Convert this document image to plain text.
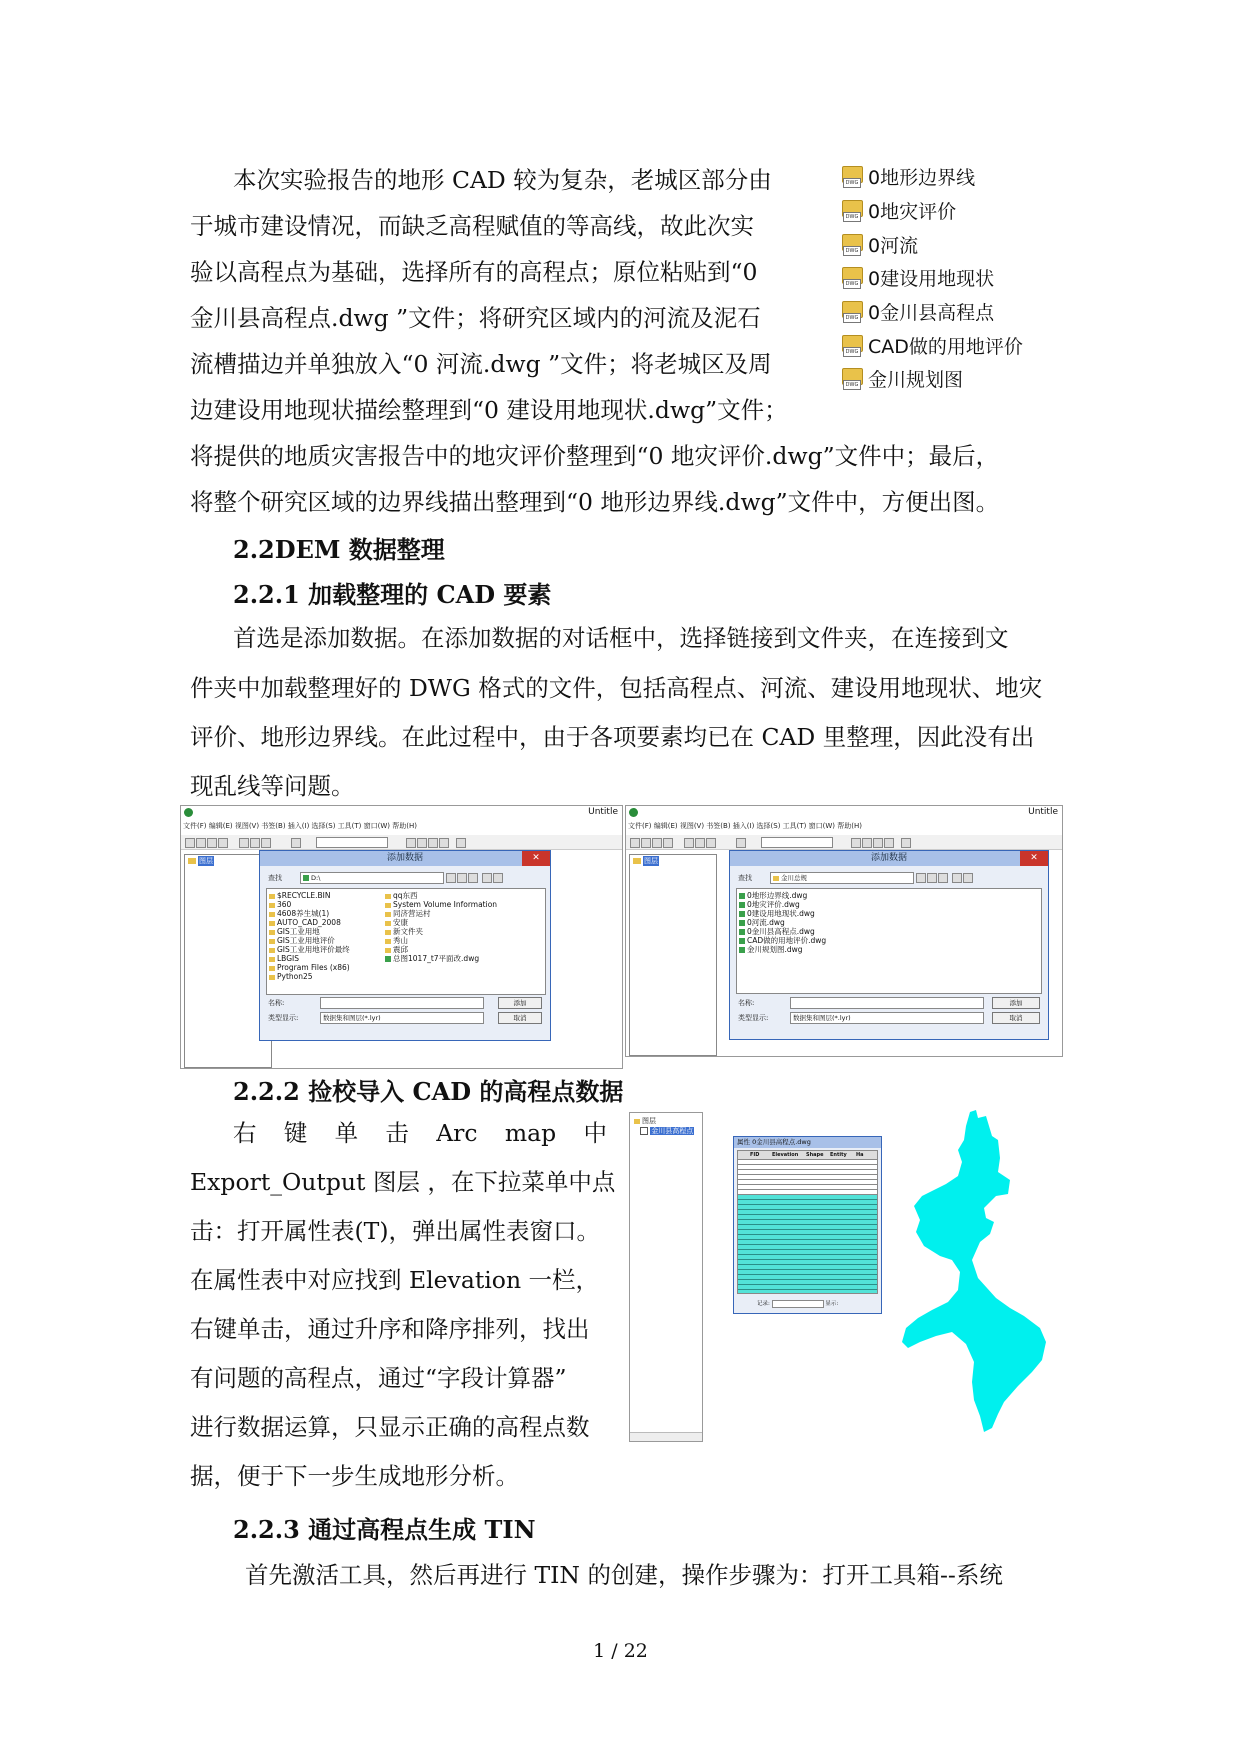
本次实验报告的地形 CAD 较为复杂，老城区部分由
于城市建设情况，而缺乏高程赋值的等高线，故此次实
验以高程点为基础，选择所有的高程点；原位粘贴到“0
金川县高程点.dwg ”文件；将研究区域内的河流及泥石
流槽描边并单独放入“0 河流.dwg ”文件；将老城区及周
边建设用地现状描绘整理到“0 建设用地现状.dwg”文件；
将提供的地质灾害报告中的地灾评价整理到“0 地灾评价.dwg”文件中；最后，
将整个研究区域的边界线描出整理到“0 地形边界线.dwg”文件中，方便出图。
DWG 0地形边界线
DWG 0地灾评价
DWG 0河流
DWG 0建设用地现状
DWG 0金川县高程点
DWG CAD做的用地评价
DWG 金川规划图
2.2DEM 数据整理
2.2.1 加载整理的 CAD 要素
首选是添加数据。在添加数据的对话框中，选择链接到文件夹，在连接到文
件夹中加载整理好的 DWG 格式的文件，包括高程点、河流、建设用地现状、地灾
评价、地形边界线。在此过程中，由于各项要素均已在 CAD 里整理，因此没有出
现乱线等问题。
Untitle
文件(F) 编辑(E) 视图(V) 书签(B) 插入(I) 选择(S) 工具(T) 窗口(W) 帮助(H)
图层	添加数据	✕
查找	D:\
$RECYCLE.BIN
360
4608养生城(1)
AUTO_CAD_2008
GIS工业用地
GIS工业用地评价
GIS工业用地评价最终
LBGIS
Program Files (x86)
Python25
qq东西
System Volume Information
同济营运村
安康
新文件夹
秀山
震邱
总图1017_t7平面改.dwg
名称:	添加
类型显示:	数据集和图层(*.lyr)	取消
Untitle
文件(F) 编辑(E) 视图(V) 书签(B) 插入(I) 选择(S) 工具(T) 窗口(W) 帮助(H)
图层	添加数据	✕
查找	金川总规
0地形边界线.dwg
0地灾评价.dwg
0建设用地现状.dwg
0河流.dwg
0金川县高程点.dwg
CAD做的用地评价.dwg
金川规划图.dwg
名称:	添加
类型显示:	数据集和图层(*.lyr)	取消
2.2.2 捡校导入 CAD 的高程点数据
右 键 单 击 Arc map 中
Export_Output 图层 ，在下拉菜单中点
击：打开属性表(T)，弹出属性表窗口。
在属性表中对应找到 Elevation 一栏，
右键单击，通过升序和降序排列，找出
有问题的高程点，通过“字段计算器”
进行数据运算，只显示正确的高程点数
据，便于下一步生成地形分析。
图层
金川县高程点
属性 0金川县高程点.dwg
FID	Elevation	Shape	Entity	Ha
记录:	显示:
2.2.3 通过高程点生成 TIN
首先激活工具，然后再进行 TIN 的创建，操作步骤为：打开工具箱--系统
1 / 22
